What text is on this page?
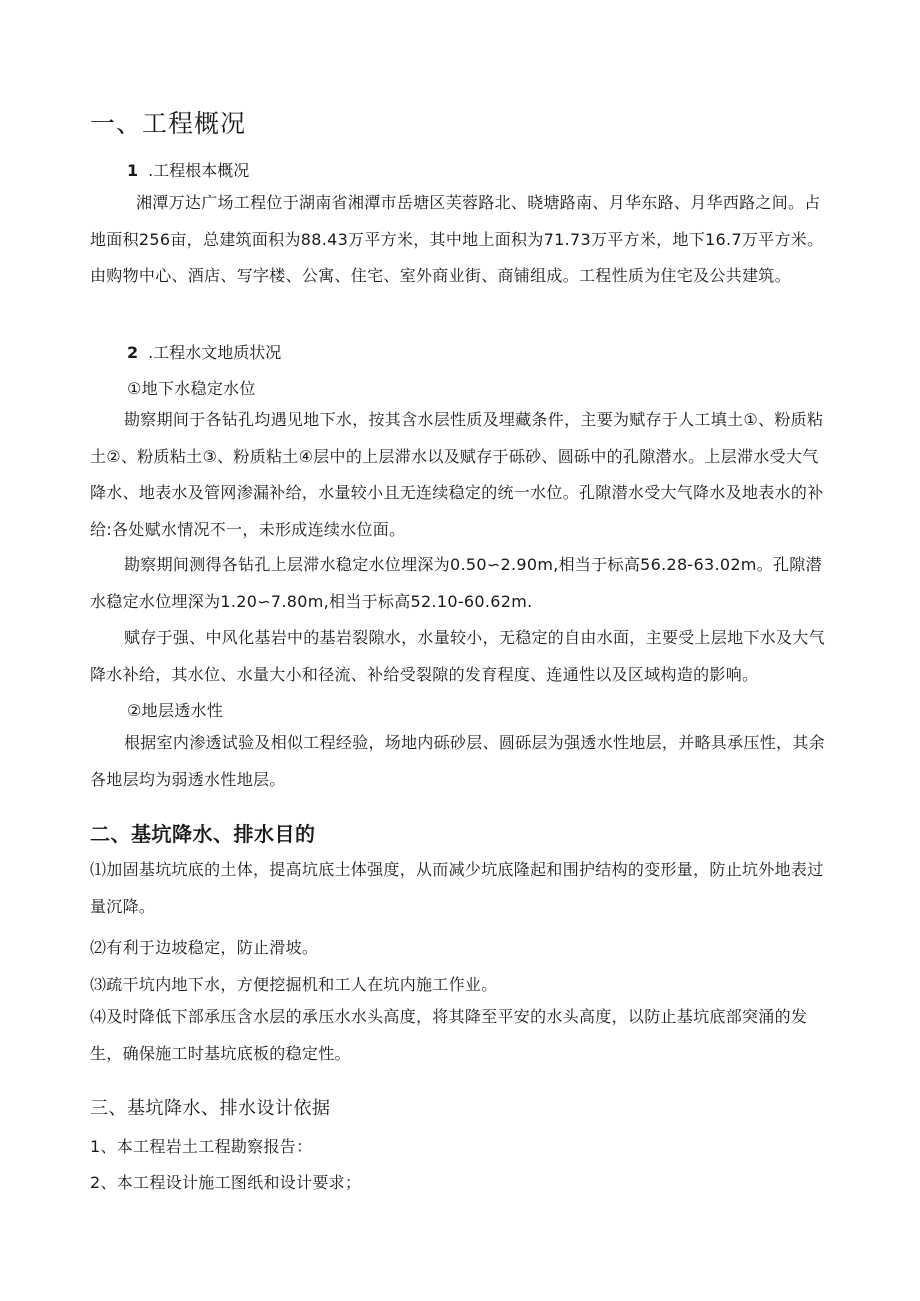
一、工程概况
1 .工程根本概况
湘潭万达广场工程位于湖南省湘潭市岳塘区芙蓉路北、晓塘路南、月华东路、月华西路之间。占地面积256亩，总建筑面积为88.43万平方米，其中地上面积为71.73万平方米，地下16.7万平方米。由购物中心、酒店、写字楼、公寓、住宅、室外商业街、商铺组成。工程性质为住宅及公共建筑。
2 .工程水文地质状况
①地下水稳定水位
勘察期间于各钻孔均遇见地下水，按其含水层性质及埋藏条件，主要为赋存于人工填土①、粉质粘土②、粉质粘土③、粉质粘土④层中的上层滞水以及赋存于砾砂、圆砾中的孔隙潜水。上层滞水受大气降水、地表水及管网渗漏补给，水量较小且无连续稳定的统一水位。孔隙潜水受大气降水及地表水的补给:各处赋水情况不一，未形成连续水位面。
勘察期间测得各钻孔上层滞水稳定水位埋深为0.50∽2.90m,相当于标高56.28-63.02m。孔隙潜水稳定水位埋深为1.20∽7.80m,相当于标高52.10-60.62m.
赋存于强、中风化基岩中的基岩裂隙水，水量较小，无稳定的自由水面，主要受上层地下水及大气降水补给，其水位、水量大小和径流、补给受裂隙的发育程度、连通性以及区域构造的影响。
②地层透水性
根据室内渗透试验及相似工程经验，场地内砾砂层、圆砾层为强透水性地层，并略具承压性，其余各地层均为弱透水性地层。
二、基坑降水、排水目的
⑴加固基坑坑底的土体，提高坑底土体强度，从而减少坑底隆起和围护结构的变形量，防止坑外地表过量沉降。
⑵有利于边坡稳定，防止滑坡。
⑶疏干坑内地下水，方便挖掘机和工人在坑内施工作业。
⑷及时降低下部承压含水层的承压水水头高度，将其降至平安的水头高度，以防止基坑底部突涌的发生，确保施工时基坑底板的稳定性。
三、基坑降水、排水设计依据
1、本工程岩土工程勘察报告：
2、本工程设计施工图纸和设计要求；
